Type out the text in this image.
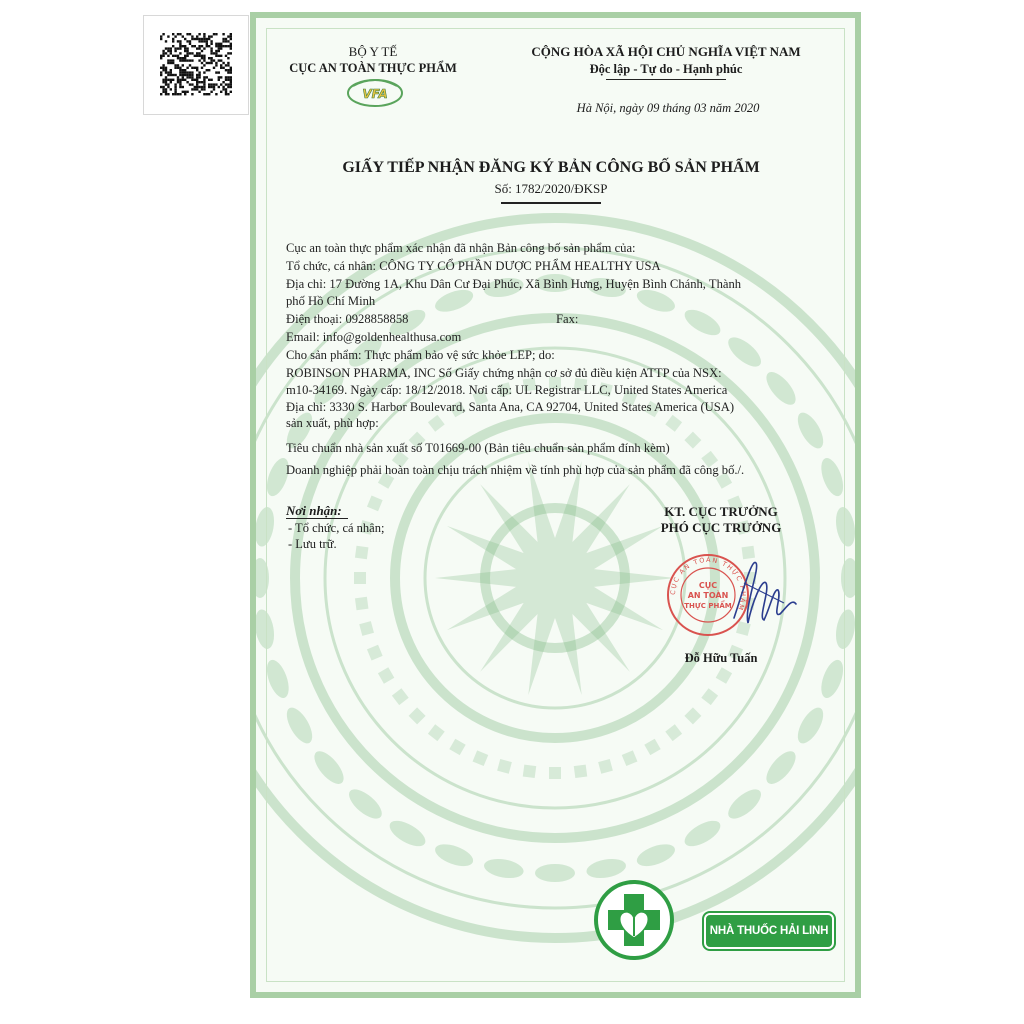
BỘ Y TẾ
CỤC AN TOÀN THỰC PHẨM
VFA
CỘNG HÒA XÃ HỘI CHỦ NGHĨA VIỆT NAM
Độc lập - Tự do - Hạnh phúc
Hà Nội, ngày 09 tháng 03 năm 2020
GIẤY TIẾP NHẬN ĐĂNG KÝ BẢN CÔNG BỐ SẢN PHẨM
Số: 1782/2020/ĐKSP
Cục an toàn thực phẩm xác nhận đã nhận Bản công bố sản phẩm của:
Tổ chức, cá nhân: CÔNG TY CỔ PHẦN DƯỢC PHẨM HEALTHY USA
Địa chỉ: 17 Đường 1A, Khu Dân Cư Đại Phúc, Xã Bình Hưng, Huyện Bình Chánh, Thành
phố Hồ Chí Minh
Điện thoại: 0928858858	Fax:
Email: info@goldenhealthusa.com
Cho sản phẩm: Thực phẩm bảo vệ sức khỏe LEP; do:
ROBINSON PHARMA, INC Số Giấy chứng nhận cơ sở đủ điều kiện ATTP của NSX:
m10-34169. Ngày cấp: 18/12/2018. Nơi cấp: UL Registrar LLC, United States America
Địa chỉ: 3330 S. Harbor Boulevard, Santa Ana, CA 92704, United States America (USA)
sản xuất, phù hợp:
Tiêu chuẩn nhà sản xuất số T01669-00 (Bản tiêu chuẩn sản phẩm đính kèm)
Doanh nghiệp phải hoàn toàn chịu trách nhiệm về tính phù hợp của sản phẩm đã công bố./.
Nơi nhận:
- Tổ chức, cá nhân;
- Lưu trữ.
KT. CỤC TRƯỞNG
PHÓ CỤC TRƯỞNG
CỤC AN TOÀN THỰC PHẨM
CỤC
AN TOÀN
THỰC PHẨM
Đỗ Hữu Tuấn
NHÀ THUỐC HẢI LINH
